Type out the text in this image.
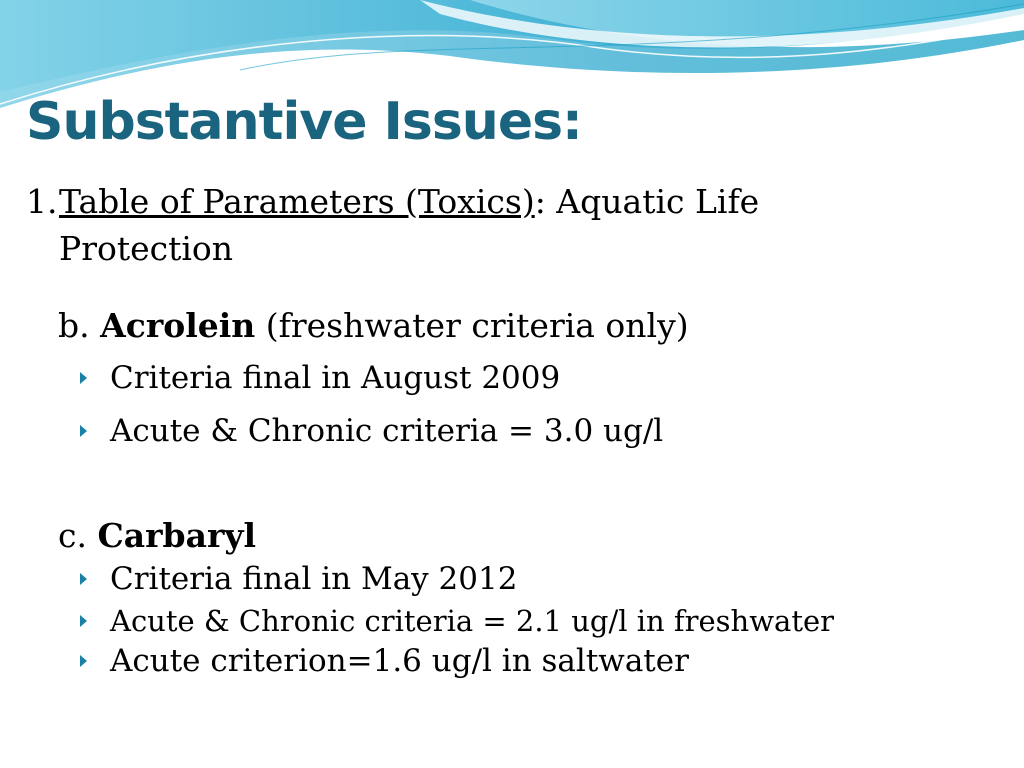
Substantive Issues:
1. Table of Parameters (Toxics): Aquatic Life Protection
b. Acrolein (freshwater criteria only)
Criteria final in August 2009
Acute & Chronic criteria = 3.0 ug/l
c. Carbaryl
Criteria final in May 2012
Acute & Chronic criteria = 2.1 ug/l in freshwater
Acute criterion=1.6 ug/l in saltwater
